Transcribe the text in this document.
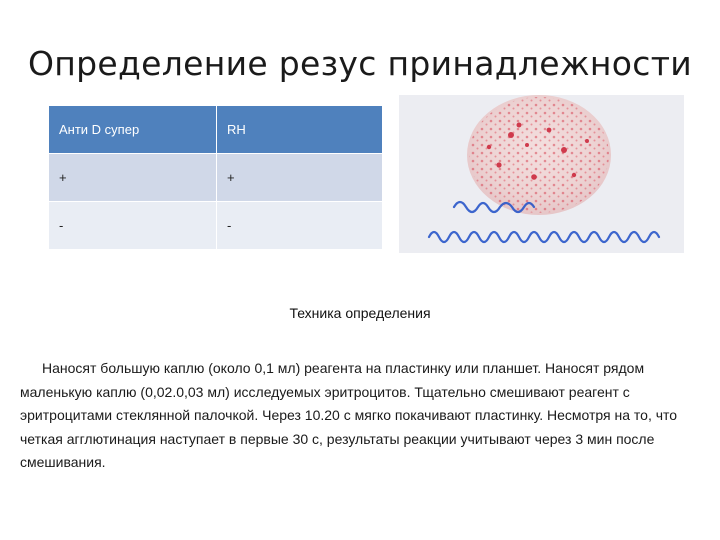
Определение резус принадлежности
Анти D супер	RH
+	+
-	-
Техника определения
Наносят большую каплю (около 0,1 мл) реагента на пластинку или планшет. Наносят рядом маленькую каплю (0,02.0,03 мл) исследуемых эритроцитов. Тщательно смешивают реагент с эритроцитами стеклянной палочкой. Через 10.20 с мягко покачивают пластинку. Несмотря на то, что четкая агглютинация наступает в первые 30 с, результаты реакции учитывают через 3 мин после смешивания.
